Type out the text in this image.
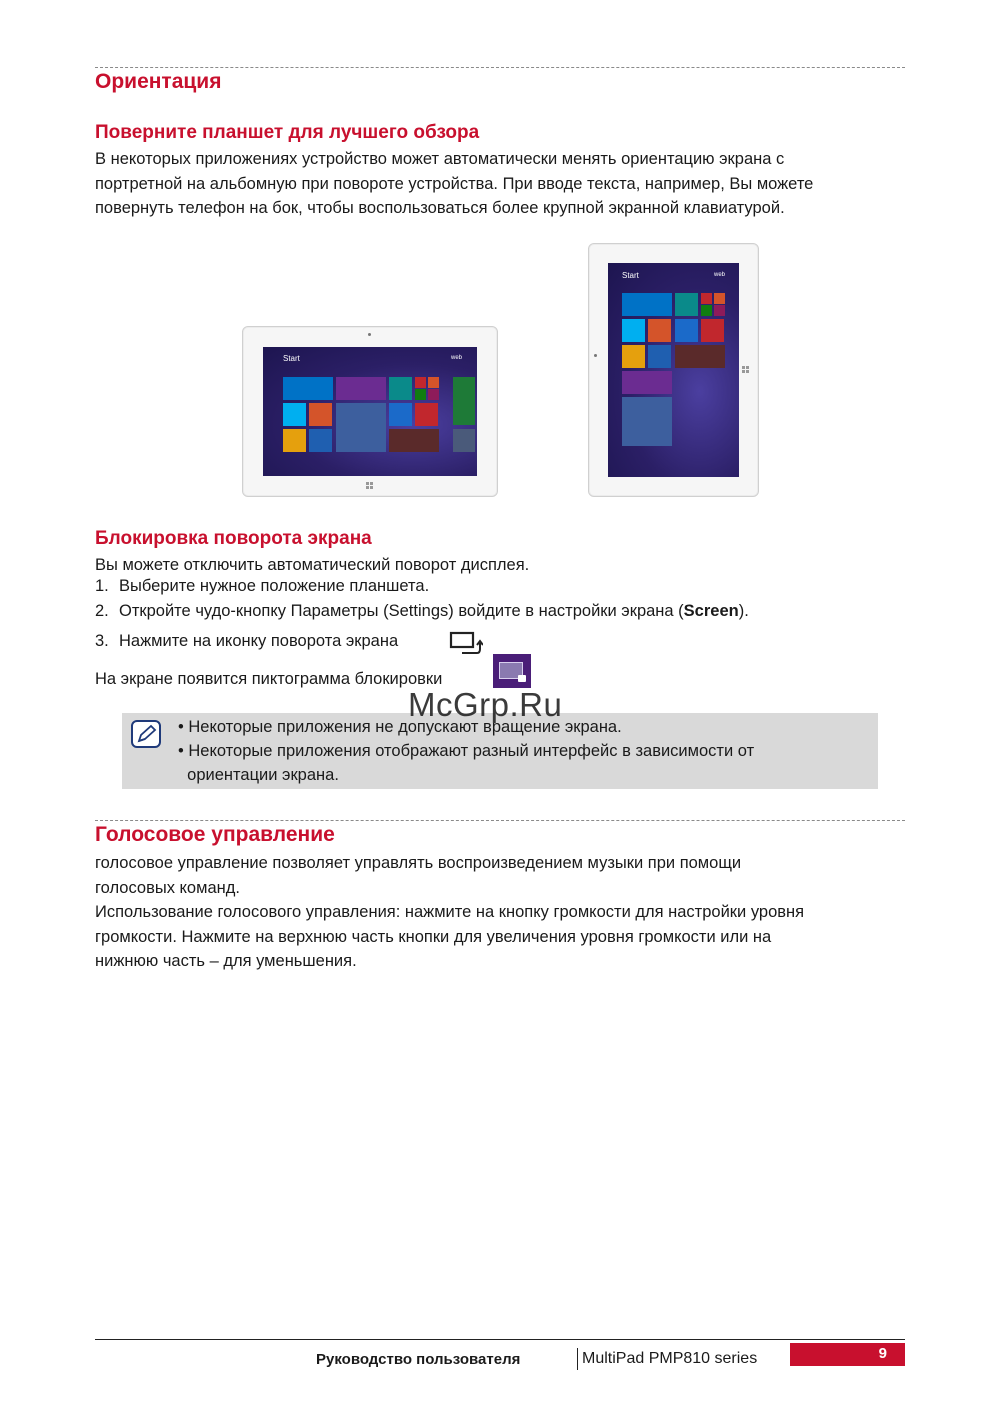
Ориентация
Поверните планшет для лучшего обзора
В некоторых приложениях устройство может автоматически менять ориентацию экрана с
портретной на альбомную при повороте устройства. При вводе текста, например, Вы можете
повернуть телефон на бок, чтобы воспользоваться более крупной экранной клавиатурой.
Start	web
Start	web
Блокировка поворота экрана

Вы можете отключить автоматический поворот дисплея.

1. Выберите нужное положение планшета.
2. Откройте чудо-кнопку Параметры (Settings) войдите в настройки экрана (Screen).
3. Нажмите на иконку поворота экрана

На экране появится пиктограмма блокировки

• Некоторые приложения не допускают вращение экрана.
• Некоторые приложения отображают разный интерфейс в зависимости от
ориентации экрана.
McGrp.Ru
Голосовое управление
голосовое управление позволяет управлять воспроизведением музыки при помощи
голосовых команд.
Использование голосового управления: нажмите на кнопку громкости для настройки уровня
громкости. Нажмите на верхнюю часть кнопки для увеличения уровня громкости или на
нижнюю часть – для уменьшения.
Руководство пользователя	MultiPad PMP810 series	9
